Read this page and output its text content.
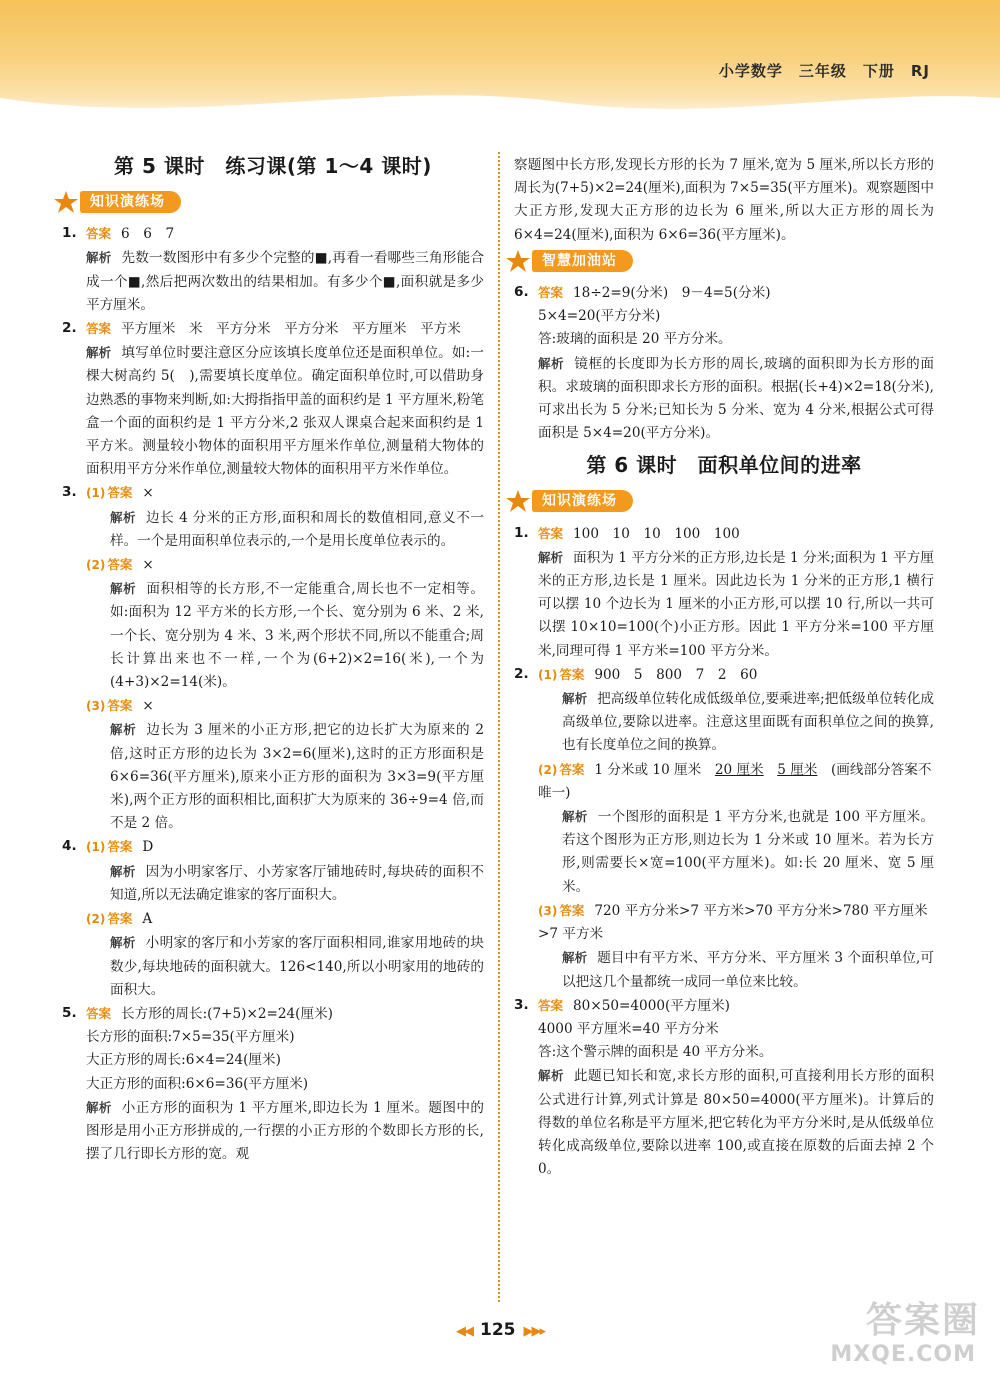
小学数学　三年级　下册　RJ
第 5 课时　练习课(第 1～4 课时)
知识演练场
1. 答案 6　6　7
解析 先数一数图形中有多少个完整的■,再看一看哪些三角形能合成一个■,然后把两次数出的结果相加。有多少个■,面积就是多少平方厘米。
2. 答案 平方厘米　米　平方分米　平方分米　平方厘米　平方米
解析 填写单位时要注意区分应该填长度单位还是面积单位。如:一棵大树高约 5(　),需要填长度单位。确定面积单位时,可以借助身边熟悉的事物来判断,如:大拇指指甲盖的面积约是 1 平方厘米,粉笔盒一个面的面积约是 1 平方分米,2 张双人课桌合起来面积约是 1 平方米。测量较小物体的面积用平方厘米作单位,测量稍大物体的面积用平方分米作单位,测量较大物体的面积用平方米作单位。
3. (1) 答案 ×
解析 边长 4 分米的正方形,面积和周长的数值相同,意义不一样。一个是用面积单位表示的,一个是用长度单位表示的。
(2) 答案 ×
解析 面积相等的长方形,不一定能重合,周长也不一定相等。如:面积为 12 平方米的长方形,一个长、宽分别为 6 米、2 米,一个长、宽分别为 4 米、3 米,两个形状不同,所以不能重合;周长计算出来也不一样,一个为(6+2)×2=16(米),一个为(4+3)×2=14(米)。
(3) 答案 ×
解析 边长为 3 厘米的小正方形,把它的边长扩大为原来的 2 倍,这时正方形的边长为 3×2=6(厘米),这时的正方形面积是 6×6=36(平方厘米),原来小正方形的面积为 3×3=9(平方厘米),两个正方形的面积相比,面积扩大为原来的 36÷9=4 倍,而不是 2 倍。
4. (1) 答案 D
解析 因为小明家客厅、小芳家客厅铺地砖时,每块砖的面积不知道,所以无法确定谁家的客厅面积大。
(2) 答案 A
解析 小明家的客厅和小芳家的客厅面积相同,谁家用地砖的块数少,每块地砖的面积就大。126<140,所以小明家用的地砖的面积大。
5. 答案 长方形的周长:(7+5)×2=24(厘米)
长方形的面积:7×5=35(平方厘米)
大正方形的周长:6×4=24(厘米)
大正方形的面积:6×6=36(平方厘米)
解析 小正方形的面积为 1 平方厘米,即边长为 1 厘米。题图中的图形是用小正方形拼成的,一行摆的小正方形的个数即长方形的长,摆了几行即长方形的宽。观
察题图中长方形,发现长方形的长为 7 厘米,宽为 5 厘米,所以长方形的周长为(7+5)×2=24(厘米),面积为 7×5=35(平方厘米)。观察题图中大正方形,发现大正方形的边长为 6 厘米,所以大正方形的周长为 6×4=24(厘米),面积为 6×6=36(平方厘米)。
智慧加油站
6. 答案 18÷2=9(分米)　9－4=5(分米)
5×4=20(平方分米)
答:玻璃的面积是 20 平方分米。
解析 镜框的长度即为长方形的周长,玻璃的面积即为长方形的面积。求玻璃的面积即求长方形的面积。根据(长+4)×2=18(分米),可求出长为 5 分米;已知长为 5 分米、宽为 4 分米,根据公式可得面积是 5×4=20(平方分米)。
第 6 课时　面积单位间的进率
知识演练场
1. 答案 100　10　10　100　100
解析 面积为 1 平方分米的正方形,边长是 1 分米;面积为 1 平方厘米的正方形,边长是 1 厘米。因此边长为 1 分米的正方形,1 横行可以摆 10 个边长为 1 厘米的小正方形,可以摆 10 行,所以一共可以摆 10×10=100(个)小正方形。因此 1 平方分米=100 平方厘米,同理可得 1 平方米=100 平方分米。
2. (1) 答案 900　5　800　7　2　60
解析 把高级单位转化成低级单位,要乘进率;把低级单位转化成高级单位,要除以进率。注意这里面既有面积单位之间的换算,也有长度单位之间的换算。
(2) 答案 1 分米或 10 厘米　 20 厘米　 5 厘米　 (画线部分答案不唯一)
解析 一个图形的面积是 1 平方分米,也就是 100 平方厘米。若这个图形为正方形,则边长为 1 分米或 10 厘米。若为长方形,则需要长×宽=100(平方厘米)。如:长 20 厘米、宽 5 厘米。
(3) 答案 720 平方分米>7 平方米>70 平方分米>780 平方厘米>7 平方米
解析 题目中有平方米、平方分米、平方厘米 3 个面积单位,可以把这几个量都统一成同一单位来比较。
3. 答案 80×50=4000(平方厘米)
4000 平方厘米=40 平方分米
答:这个警示牌的面积是 40 平方分米。
解析 此题已知长和宽,求长方形的面积,可直接利用长方形的面积公式进行计算,列式计算是 80×50=4000(平方厘米)。计算后的得数的单位名称是平方厘米,把它转化为平方分米时,是从低级单位转化成高级单位,要除以进率 100,或直接在原数的后面去掉 2 个 0。
◀◀ 125 ▶▶▸	答案圈
MXQE.COM
